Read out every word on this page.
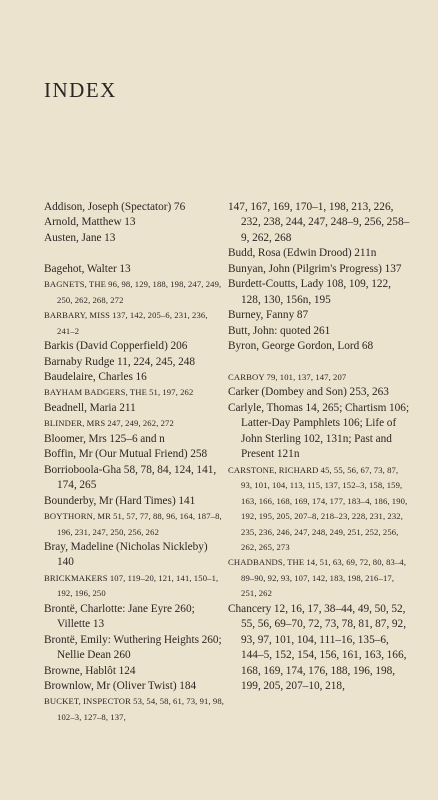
INDEX

Addison, Joseph (Spectator) 76

Arnold, Matthew 13

Austen, Jane 13

Bagehot, Walter 13

BAGNETS, THE 96, 98, 129, 188, 198, 247, 249, 250, 262, 268, 272

BARBARY, MISS 137, 142, 205–6, 231, 236, 241–2

Barkis (David Copperfield) 206

Barnaby Rudge 11, 224, 245, 248

Baudelaire, Charles 16

BAYHAM BADGERS, THE 51, 197, 262

Beadnell, Maria 211

BLINDER, MRS 247, 249, 262, 272

Bloomer, Mrs 125–6 and n

Boffin, Mr (Our Mutual Friend) 258

Borrioboola-Gha 58, 78, 84, 124, 141, 174, 265

Bounderby, Mr (Hard Times) 141

BOYTHORN, MR 51, 57, 77, 88, 96, 164, 187–8, 196, 231, 247, 250, 256, 262

Bray, Madeline (Nicholas Nickleby) 140

BRICKMAKERS 107, 119–20, 121, 141, 150–1, 192, 196, 250

Brontë, Charlotte: Jane Eyre 260; Villette 13

Brontë, Emily: Wuthering Heights 260; Nellie Dean 260

Browne, Hablôt 124

Brownlow, Mr (Oliver Twist) 184

BUCKET, INSPECTOR 53, 54, 58, 61, 73, 91, 98, 102–3, 127–8, 137,

147, 167, 169, 170–1, 198, 213, 226, 232, 238, 244, 247, 248–9, 256, 258–9, 262, 268

Budd, Rosa (Edwin Drood) 211n

Bunyan, John (Pilgrim's Progress) 137

Burdett-Coutts, Lady 108, 109, 122, 128, 130, 156n, 195

Burney, Fanny 87

Butt, John: quoted 261

Byron, George Gordon, Lord 68

CARBOY 79, 101, 137, 147, 207

Carker (Dombey and Son) 253, 263

Carlyle, Thomas 14, 265; Chartism 106; Latter-Day Pamphlets 106; Life of John Sterling 102, 131n; Past and Present 121n

CARSTONE, RICHARD 45, 55, 56, 67, 73, 87, 93, 101, 104, 113, 115, 137, 152–3, 158, 159, 163, 166, 168, 169, 174, 177, 183–4, 186, 190, 192, 195, 205, 207–8, 218–23, 228, 231, 232, 235, 236, 246, 247, 248, 249, 251, 252, 256, 262, 265, 273

CHADBANDS, THE 14, 51, 63, 69, 72, 80, 83–4, 89–90, 92, 93, 107, 142, 183, 198, 216–17, 251, 262

Chancery 12, 16, 17, 38–44, 49, 50, 52, 55, 56, 69–70, 72, 73, 78, 81, 87, 92, 93, 97, 101, 104, 111–16, 135–6, 144–5, 152, 154, 156, 161, 163, 166, 168, 169, 174, 176, 188, 196, 198, 199, 205, 207–10, 218,
